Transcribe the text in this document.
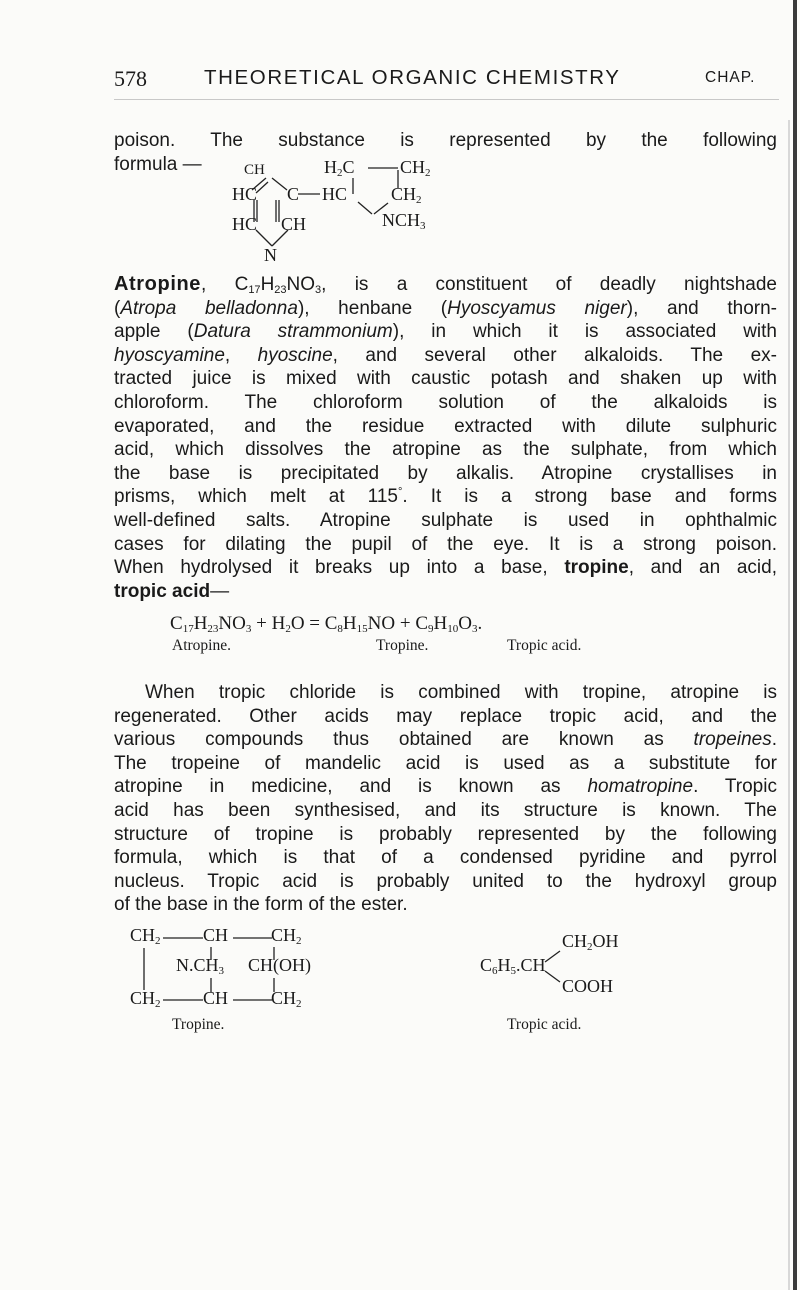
578	THEORETICAL ORGANIC CHEMISTRY	CHAP.
poison. The substance is represented by the following
formula —	CH	$H_2C$	$CH_2$
HC C HC $CH_2$
HC CH	$NCH_3$
N
Atropine, $C_{17}H_{23}NO_3$, is a constituent of deadly nightshade
(Atropa belladonna), henbane (Hyoscyamus niger), and thorn-
apple (Datura strammonium), in which it is associated with
hyoscyamine, hyoscine, and several other alkaloids. The ex-
tracted juice is mixed with caustic potash and shaken up with
chloroform. The chloroform solution of the alkaloids is
evaporated, and the residue extracted with dilute sulphuric
acid, which dissolves the atropine as the sulphate, from which
the base is precipitated by alkalis. Atropine crystallises in
prisms, which melt at 115°. It is a strong base and forms
well-defined salts. Atropine sulphate is used in ophthalmic
cases for dilating the pupil of the eye. It is a strong poison.
When hydrolysed it breaks up into a base, tropine, and an acid,
tropic acid—
$C_{17}H_{23}NO_3 + H_2O = C_8H_{15}NO + C_9H_{10}O_3$.
Atropine.	Tropine.	Tropic acid.
When tropic chloride is combined with tropine, atropine is
regenerated. Other acids may replace tropic acid, and the
various compounds thus obtained are known as tropeines.
The tropeine of mandelic acid is used as a substitute for
atropine in medicine, and is known as homatropine. Tropic
acid has been synthesised, and its structure is known. The
structure of tropine is probably represented by the following
formula, which is that of a condensed pyridine and pyrrol
nucleus. Tropic acid is probably united to the hydroxyl group
of the base in the form of the ester.
$CH_2$ CH $CH_2$
$N.CH_3$ CH(OH)
$CH_2$ CH $CH_2$
Tropine.
$C_6H_5.CH$
$CH_2OH$
COOH
Tropic acid.
